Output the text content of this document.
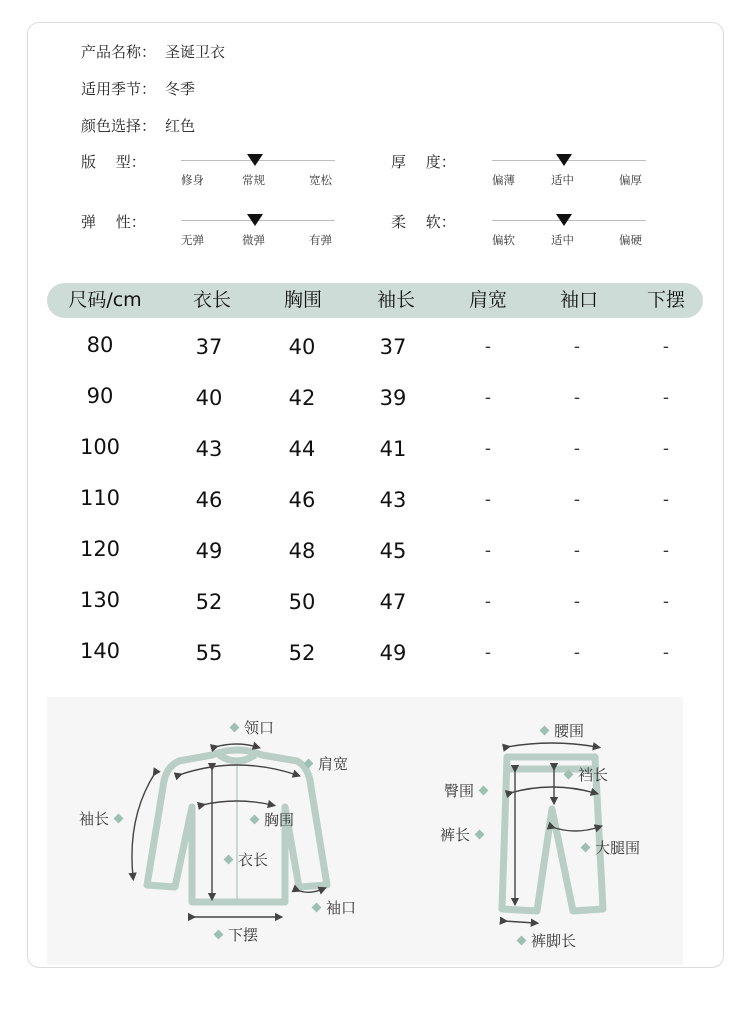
产品名称： 圣诞卫衣
适用季节： 冬季
颜色选择： 红色
版　 型：
修身	常规	宽松
厚　 度：
偏薄	适中	偏厚
弹　 性：
无弹	微弹	有弹
柔　 软：
偏软	适中	偏硬
尺码/cm	衣长	胸围	袖长	肩宽	袖口	下摆
80	37	40	37	-	-	-
90	40	42	39	-	-	-
100	43	44	41	-	-	-
110	46	46	43	-	-	-
120	49	48	45	-	-	-
130	52	50	47	-	-	-
140	55	52	49	-	-	-
领口
肩宽
袖长	胸围
衣长
袖口
下摆
腰围
裆长
臀围
裤长
大腿围
裤脚长
